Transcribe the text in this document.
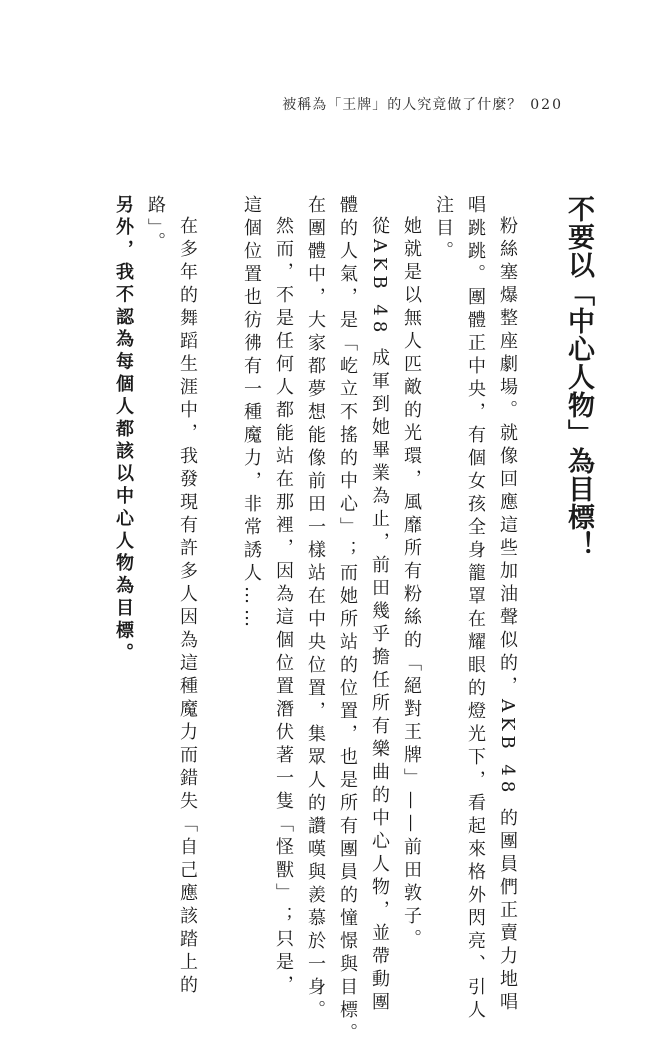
被稱為「王牌」的人究竟做了什麼？ 020
不要以「中心人物」為目標！
粉絲塞爆整座劇場。就像回應這些加油聲似的，AKB 48 的團員們正賣力地唱
唱跳跳。團體正中央，有個女孩全身籠罩在耀眼的燈光下，看起來格外閃亮、引人
注目。
她就是以無人匹敵的光環，風靡所有粉絲的「絕對王牌」——前田敦子。
從AKB 48 成軍到她畢業為止，前田幾乎擔任所有樂曲的中心人物，並帶動團
體的人氣，是「屹立不搖的中心」；而她所站的位置，也是所有團員的憧憬與目標。
在團體中，大家都夢想能像前田一樣站在中央位置，集眾人的讚嘆與羨慕於一身。
然而，不是任何人都能站在那裡，因為這個位置潛伏著一隻「怪獸」；只是，
這個位置也彷彿有一種魔力，非常誘人……
在多年的舞蹈生涯中，我發現有許多人因為這種魔力而錯失「自己應該踏上的
路」。
另外，我不認為每個人都該以中心人物為目標。
